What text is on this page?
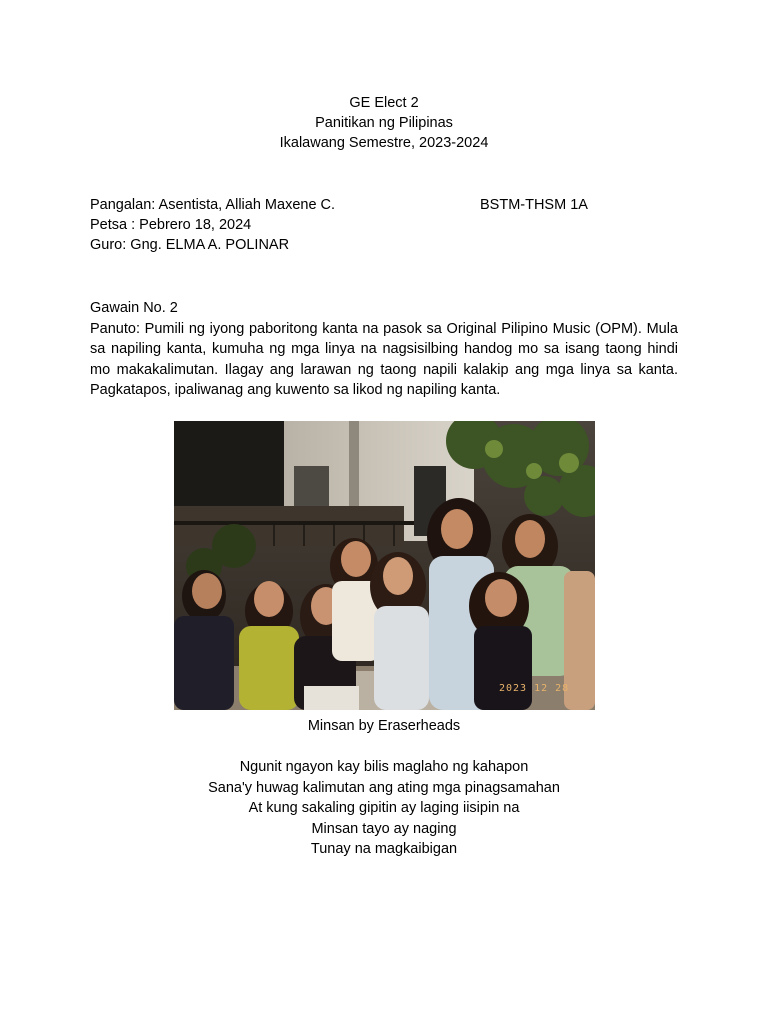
GE Elect 2
Panitikan ng Pilipinas
Ikalawang Semestre, 2023-2024
Pangalan: Asentista, Alliah Maxene C.	BSTM-THSM 1A
Petsa : Pebrero 18, 2024
Guro: Gng. ELMA A. POLINAR
Gawain No. 2
Panuto: Pumili ng iyong paboritong kanta na pasok sa Original Pilipino Music (OPM). Mula sa napiling kanta, kumuha ng mga linya na nagsisilbing handog mo sa isang taong hindi mo makakalimutan. Ilagay ang larawan ng taong napili kalakip ang mga linya sa kanta. Pagkatapos, ipaliwanag ang kuwento sa likod ng napiling kanta.
2023 12 28
Minsan by Eraserheads
Ngunit ngayon kay bilis maglaho ng kahapon
Sana'y huwag kalimutan ang ating mga pinagsamahan
At kung sakaling gipitin ay laging iisipin na
Minsan tayo ay naging
Tunay na magkaibigan
